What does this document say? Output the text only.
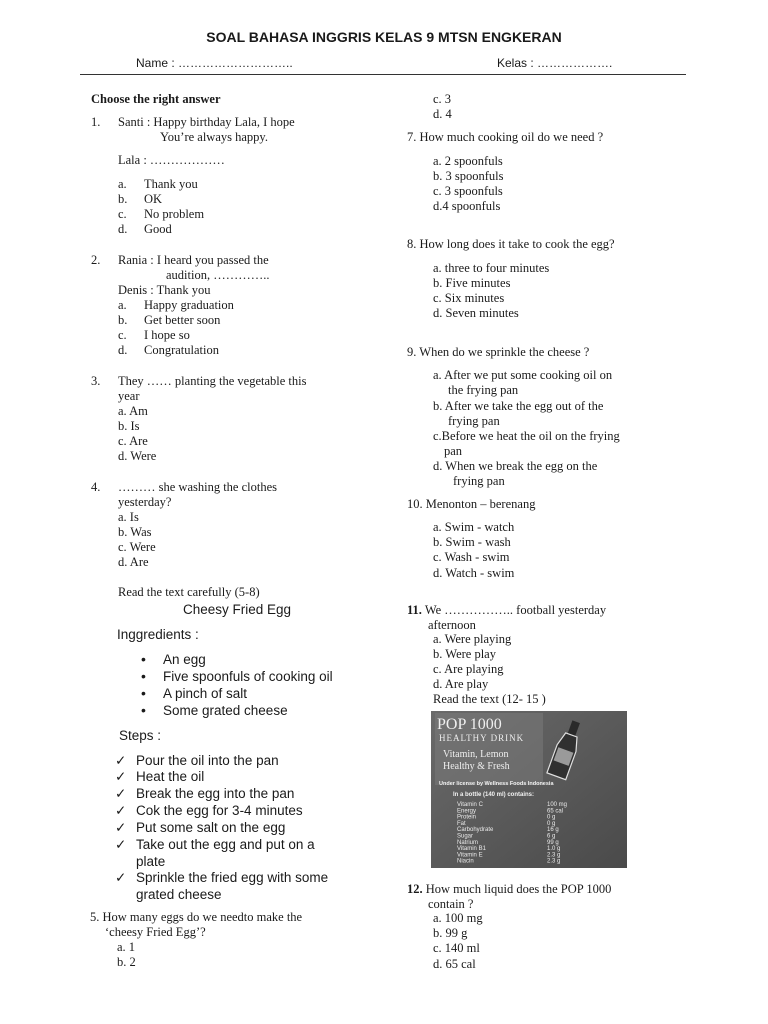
SOAL BAHASA INGGRIS KELAS 9 MTSN ENGKERAN
Name : ………………………..	Kelas : ……………….
Choose the right answer
1. Santi : Happy birthday Lala, I hope
You’re always happy.
Lala : ………………
a. Thank you
b. OK
c. No problem
d. Good
2. Rania : I heard you passed the
audition, …………..
Denis : Thank you
a. Happy graduation
b. Get better soon
c. I hope so
d. Congratulation
3. They …… planting the vegetable this
year
a. Am
b. Is
c. Are
d. Were
4. ……… she washing the clothes
yesterday?
a. Is
b. Was
c. Were
d. Are
Read the text carefully (5-8)
Cheesy Fried Egg
Inggredients :
• An egg
• Five spoonfuls of cooking oil
• A pinch of salt
• Some grated cheese
Steps :
✓ Pour the oil into the pan
✓ Heat the oil
✓ Break the egg into the pan
✓ Cok the egg for 3-4 minutes
✓ Put some salt on the egg
✓ Take out the egg and put on a
plate
✓ Sprinkle the fried egg with some
grated cheese
5. How many eggs do we needto make the
‘cheesy Fried Egg’?
a. 1
b. 2
c. 3
d. 4
7. How much cooking oil do we need ?
a. 2 spoonfuls
b. 3 spoonfuls
c. 3 spoonfuls
d.4 spoonfuls
8. How long does it take to cook the egg?
a. three to four minutes
b. Five minutes
c. Six minutes
d. Seven minutes
9. When do we sprinkle the cheese ?
a. After we put some cooking oil on
the frying pan
b. After we take the egg out of the
frying pan
c.Before we heat the oil on the frying
pan
d. When we break the egg on the
frying pan
10. Menonton – berenang
a. Swim - watch
b. Swim - wash
c. Wash - swim
d. Watch - swim
11. We …………….. football yesterday
afternoon
a. Were playing
b. Were play
c. Are playing
d. Are play
Read the text (12- 15 )
POP 1000
HEALTHY DRINK
Vitamin, Lemon
Healthy & Fresh
Under license by Wellness Foods Indonesia
In a bottle (140 ml) contains:
Vitamin C	100 mg
Energy	65 cal
Protein	0 g
Fat	0 g
Carbohydrate	16 g
Sugar	6 g
Natrium	99 g
Vitamin B1	1.0 g
Vitamin E	2.3 g
Niacin	2.3 g
12. How much liquid does the POP 1000
contain ?
a. 100 mg
b. 99 g
c. 140 ml
d. 65 cal
